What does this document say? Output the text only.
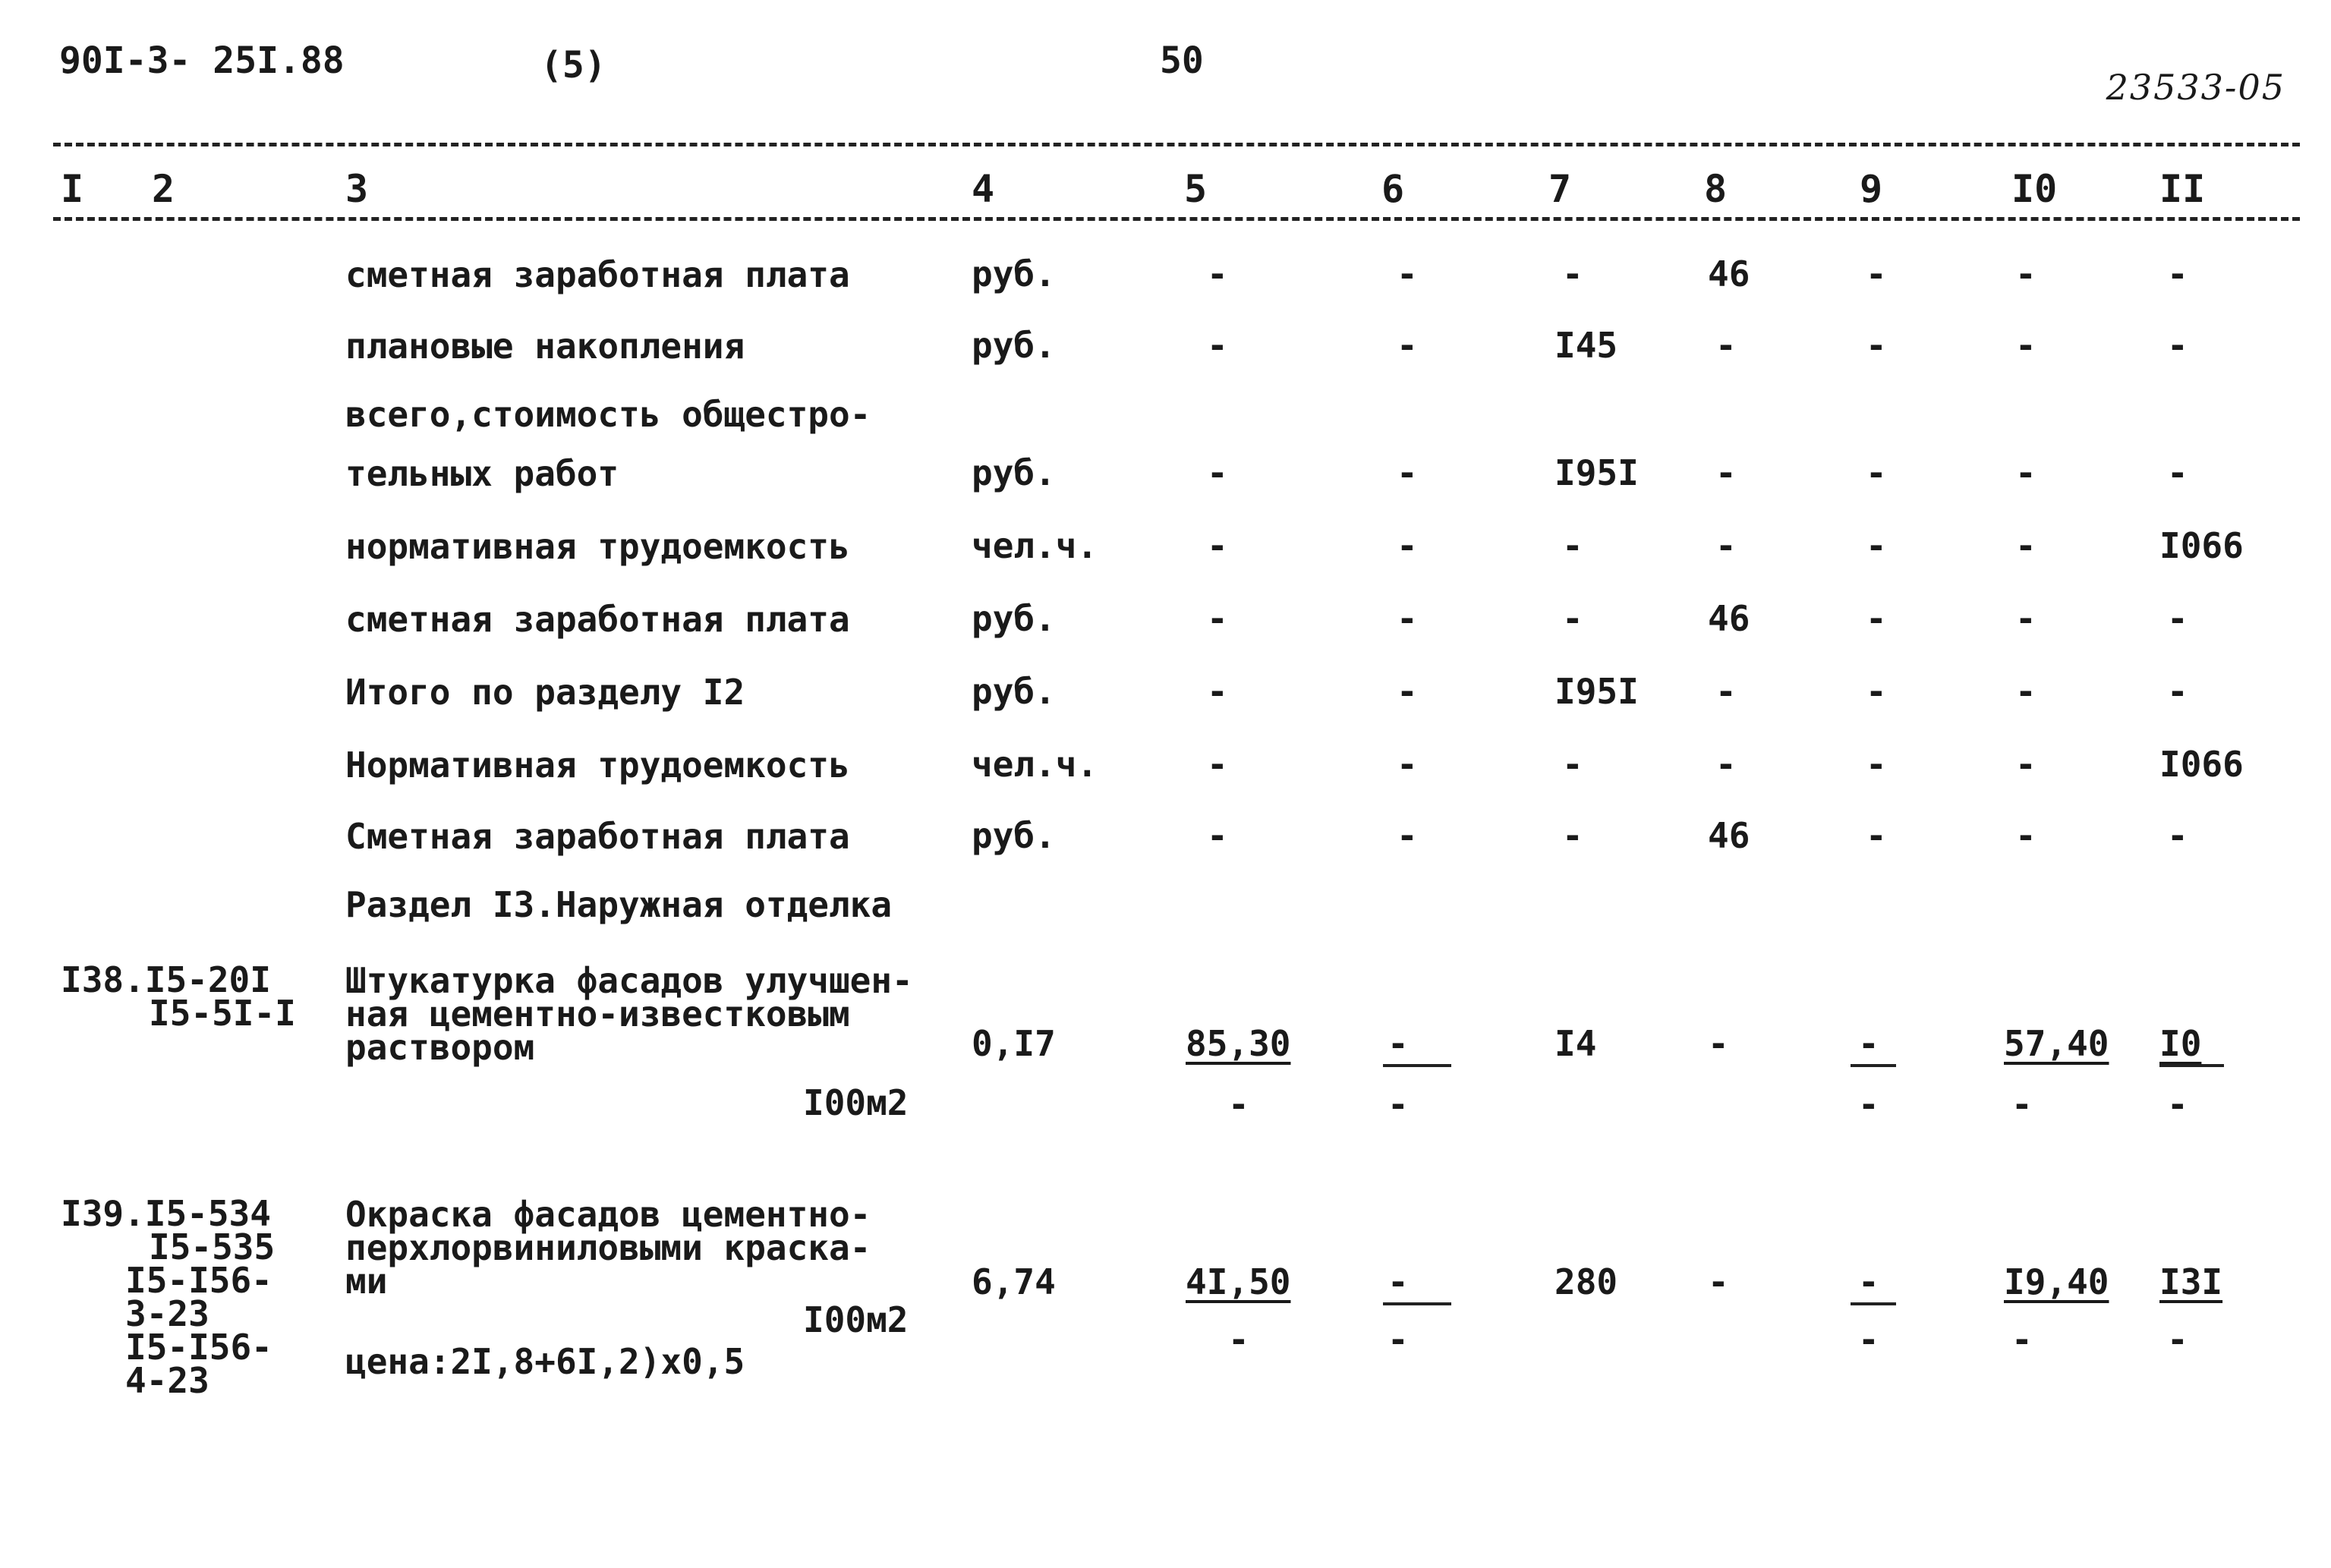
90I-3- 25I.88	(5)	50
23533-05
I 2	3	4	5	6	7	8	9	I0	II
сметная заработная плата	руб.	-	-	-	46	-	-	-
плановые накопления	руб.	-	-	I45	-	-	-	-
всего,стоимость общестро-
тельных работ	руб.	-	-	I95I -	-	-	-
нормативная трудоемкость	чел.ч.	-	-	-	-	-	-	I066
сметная заработная плата	руб.	-	-	-	46	-	-	-
Итого по разделу I2	руб.	-	-	I95I -	-	-	-
Нормативная трудоемкость	чел.ч.	-	-	-	-	-	-	I066
Сметная заработная плата	руб.	-	-	-	46	-	-	-
Раздел I3.Наружная отделка
I38.I5-20I
I5-5I-I
Штукатурка фасадов улучшен-
ная цементно-известковым
раствором
I00м2
0,I7	85,30	-	I4	-	-	57,40 I0
-	-	-	-	-
I39.I5-534
I5-535
I5-I56-
3-23
I5-I56-
4-23
Окраска фасадов цементно-
перхлорвиниловыми краска-
ми
I00м2
цена:2I,8+6I,2)х0,5
6,74	4I,50	-	280	-	-	I9,40 I3I
-	-	-	-	-
